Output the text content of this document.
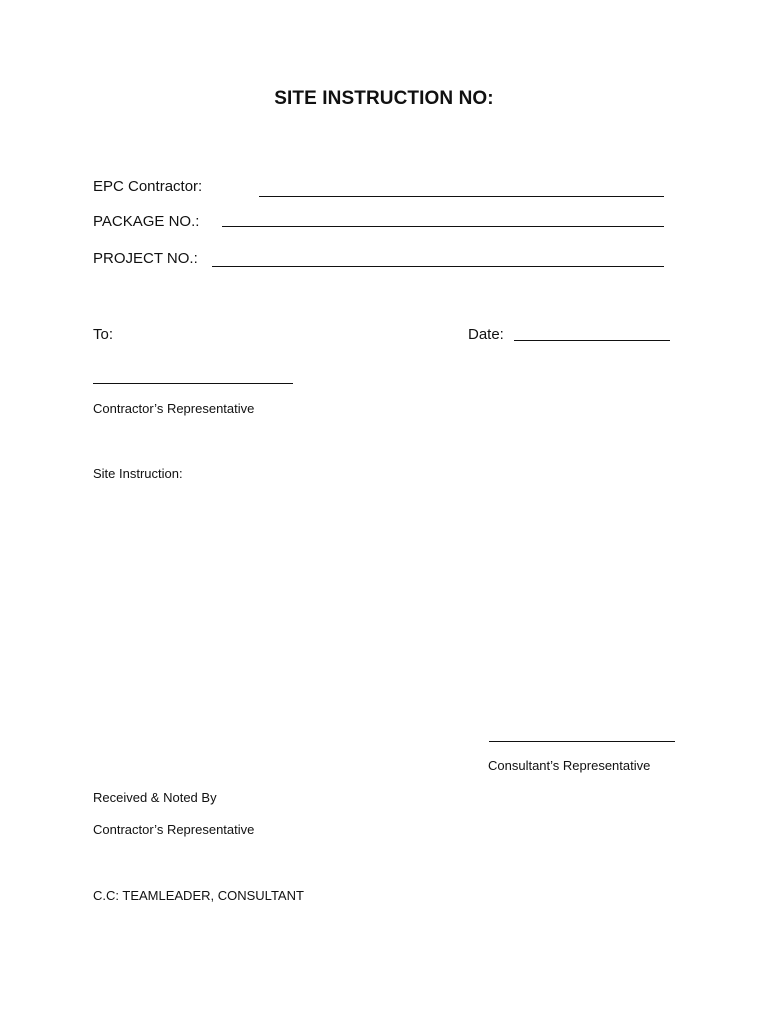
SITE INSTRUCTION NO:
EPC Contractor:
PACKAGE NO.:
PROJECT NO.:
To:	Date:
Contractor’s Representative
Site Instruction:
Consultant’s Representative
Received & Noted By
Contractor’s Representative
C.C: TEAMLEADER, CONSULTANT
